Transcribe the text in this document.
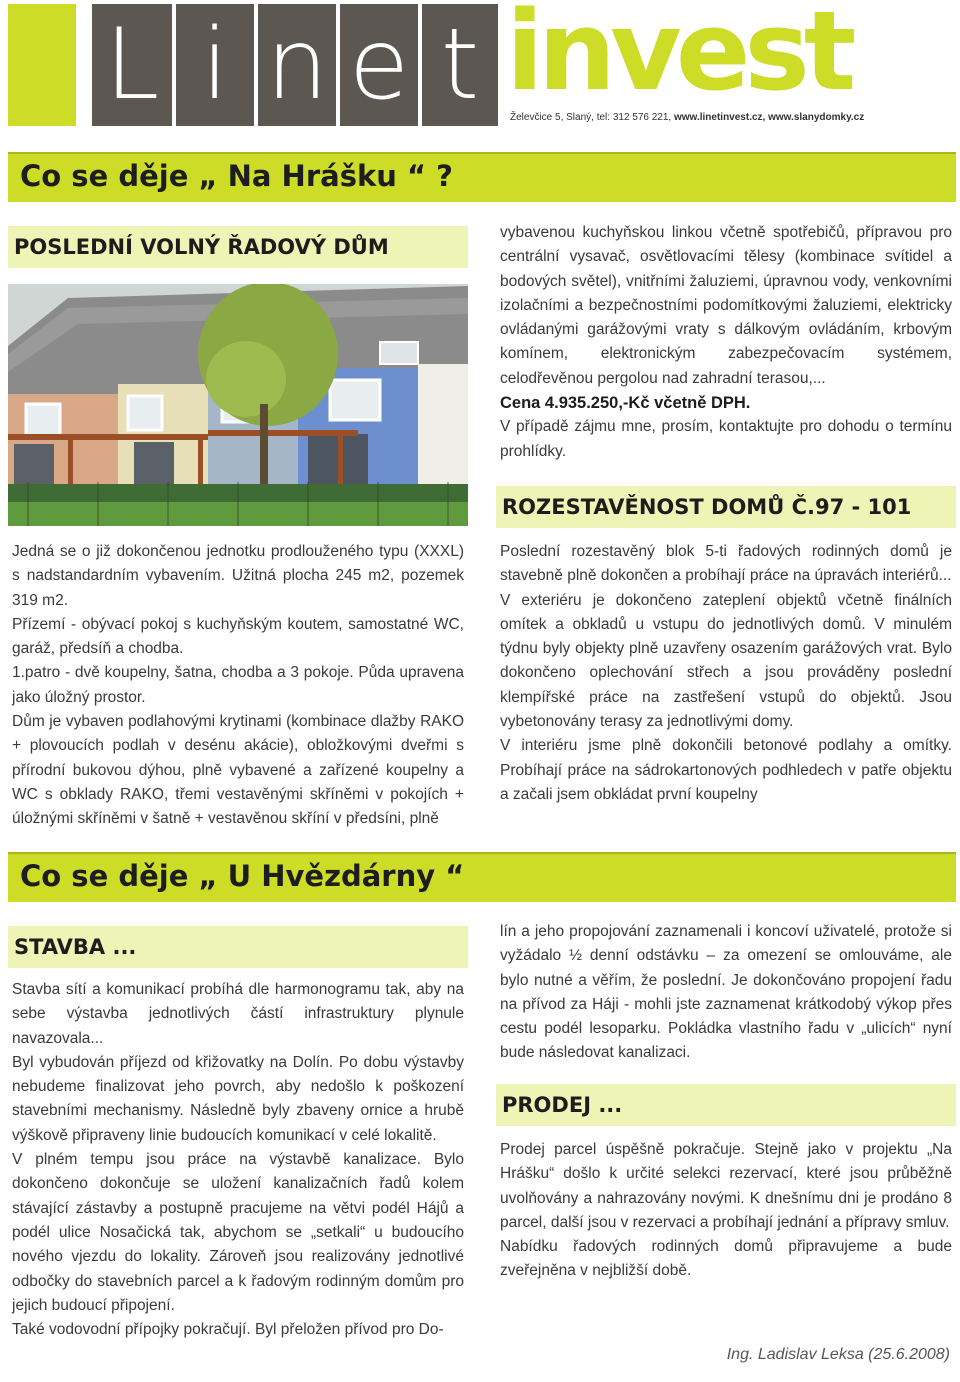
L i n e t invest
Želevčice 5, Slaný, tel: 312 576 221, www.linetinvest.cz, www.slanydomky.cz
Co se děje „ Na Hrášku “ ?
POSLEDNÍ VOLNÝ ŘADOVÝ DŮM

Jedná se o již dokončenou jednotku prodlouženého typu (XXXL) s nadstandardním vybavením. Užitná plocha 245 m2, pozemek 319 m2.

Přízemí - obývací pokoj s kuchyňským koutem, samostatné WC, garáž, předsíň a chodba.

1.patro - dvě koupelny, šatna, chodba a 3 pokoje. Půda upravena jako úložný prostor.

Dům je vybaven podlahovými krytinami (kombinace dlažby RAKO + plovoucích podlah v desénu akácie), obložkovými dveřmi s přírodní bukovou dýhou, plně vybavené a zařízené koupelny a WC s obklady RAKO, třemi vestavěnými skříněmi v pokojích + úložnými skříněmi v šatně + vestavěnou skříní v předsíni, plně

vybavenou kuchyňskou linkou včetně spotřebičů, přípravou pro centrální vysavač, osvětlovacími tělesy (kombinace svítidel a bodových světel), vnitřními žaluziemi, úpravnou vody, venkovními izolačními a bezpečnostními podomítkovými žaluziemi, elektricky ovládanými garážovými vraty s dálkovým ovládáním, krbovým komínem, elektronickým zabezpečovacím systémem, celodřevěnou pergolou nad zahradní terasou,...

Cena 4.935.250,-Kč včetně DPH.

V případě zájmu mne, prosím, kontaktujte pro dohodu o termínu prohlídky.

ROZESTAVĚNOST DOMŮ Č.97 - 101

Poslední rozestavěný blok 5-ti řadových rodinných domů je stavebně plně dokončen a probíhají práce na úpravách interiérů...

V exteriéru je dokončeno zateplení objektů včetně finálních omítek a obkladů u vstupu do jednotlivých domů. V minulém týdnu byly objekty plně uzavřeny osazením garážových vrat. Bylo dokončeno oplechování střech a jsou prováděny poslední klempířské práce na zastřešení vstupů do objektů. Jsou vybetonovány terasy za jednotlivými domy.

V interiéru jsme plně dokončili betonové podlahy a omítky. Probíhají práce na sádrokartonových podhledech v patře objektu a začali jsem obkládat první koupelny

Co se děje „ U Hvězdárny “
STAVBA ...

Stavba sítí a komunikací probíhá dle harmonogramu tak, aby na sebe výstavba jednotlivých částí infrastruktury plynule navazovala...

Byl vybudován příjezd od křižovatky na Dolín. Po dobu výstavby nebudeme finalizovat jeho povrch, aby nedošlo k poškození stavebními mechanismy. Následně byly zbaveny ornice a hrubě výškově připraveny linie budoucích komunikací v celé lokalitě.

V plném tempu jsou práce na výstavbě kanalizace. Bylo dokončeno dokončuje se uložení kanalizačních řadů kolem stávající zástavby a postupně pracujeme na větvi podél Hájů a podél ulice Nosačická tak, abychom se „setkali“ u budoucího nového vjezdu do lokality. Zároveň jsou realizovány jednotlivé odbočky do stavebních parcel a k řadovým rodinným domům pro jejich budoucí připojení.

Také vodovodní přípojky pokračují. Byl přeložen přívod pro Do-

lín a jeho propojování zaznamenali i koncoví uživatelé, protože si vyžádalo ½ denní odstávku – za omezení se omlouváme, ale bylo nutné a věřím, že poslední. Je dokončováno propojení řadu na přívod za Háji - mohli jste zaznamenat krátkodobý výkop přes cestu podél lesoparku. Pokládka vlastního řadu v „ulicích“ nyní bude následovat kanalizaci.

PRODEJ ...

Prodej parcel úspěšně pokračuje. Stejně jako v projektu „Na Hrášku“ došlo k určité selekci rezervací, které jsou průběžně uvolňovány a nahrazovány novými. K dnešnímu dni je prodáno 8 parcel, další jsou v rezervaci a probíhají jednání a přípravy smluv.

Nabídku řadových rodinných domů připravujeme a bude zveřejněna v nejbližší době.

Ing. Ladislav Leksa (25.6.2008)
